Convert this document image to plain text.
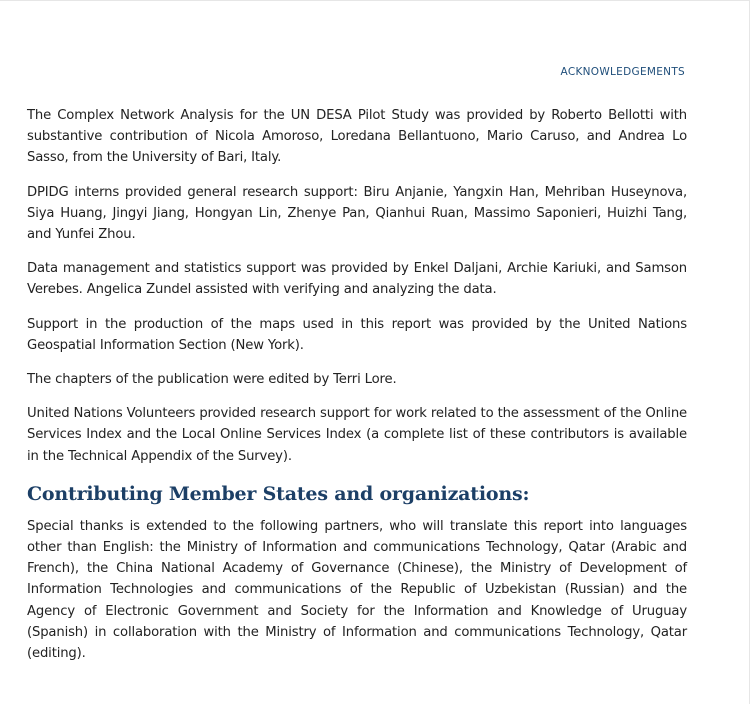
ACKNOWLEDGEMENTS

The Complex Network Analysis for the UN DESA Pilot Study was provided by Roberto Bellotti with substantive contribution of Nicola Amoroso, Loredana Bellantuono, Mario Caruso, and Andrea Lo Sasso, from the University of Bari, Italy.

DPIDG interns provided general research support: Biru Anjanie, Yangxin Han, Mehriban Huseynova, Siya Huang, Jingyi Jiang, Hongyan Lin, Zhenye Pan, Qianhui Ruan, Massimo Saponieri, Huizhi Tang, and Yunfei Zhou.

Data management and statistics support was provided by Enkel Daljani, Archie Kariuki, and Samson Verebes. Angelica Zundel assisted with verifying and analyzing the data.

Support in the production of the maps used in this report was provided by the United Nations Geospatial Information Section (New York).

The chapters of the publication were edited by Terri Lore.

United Nations Volunteers provided research support for work related to the assessment of the Online Services Index and the Local Online Services Index (a complete list of these contributors is available in the Technical Appendix of the Survey).

Contributing Member States and organizations:

Special thanks is extended to the following partners, who will translate this report into languages other than English: the Ministry of Information and communications Technology, Qatar (Arabic and French), the China National Academy of Governance (Chinese), the Ministry of Development of Information Technologies and communications of the Republic of Uzbekistan (Russian) and the Agency of Electronic Government and Society for the Information and Knowledge of Uruguay (Spanish) in collaboration with the Ministry of Information and communications Technology, Qatar (editing).
